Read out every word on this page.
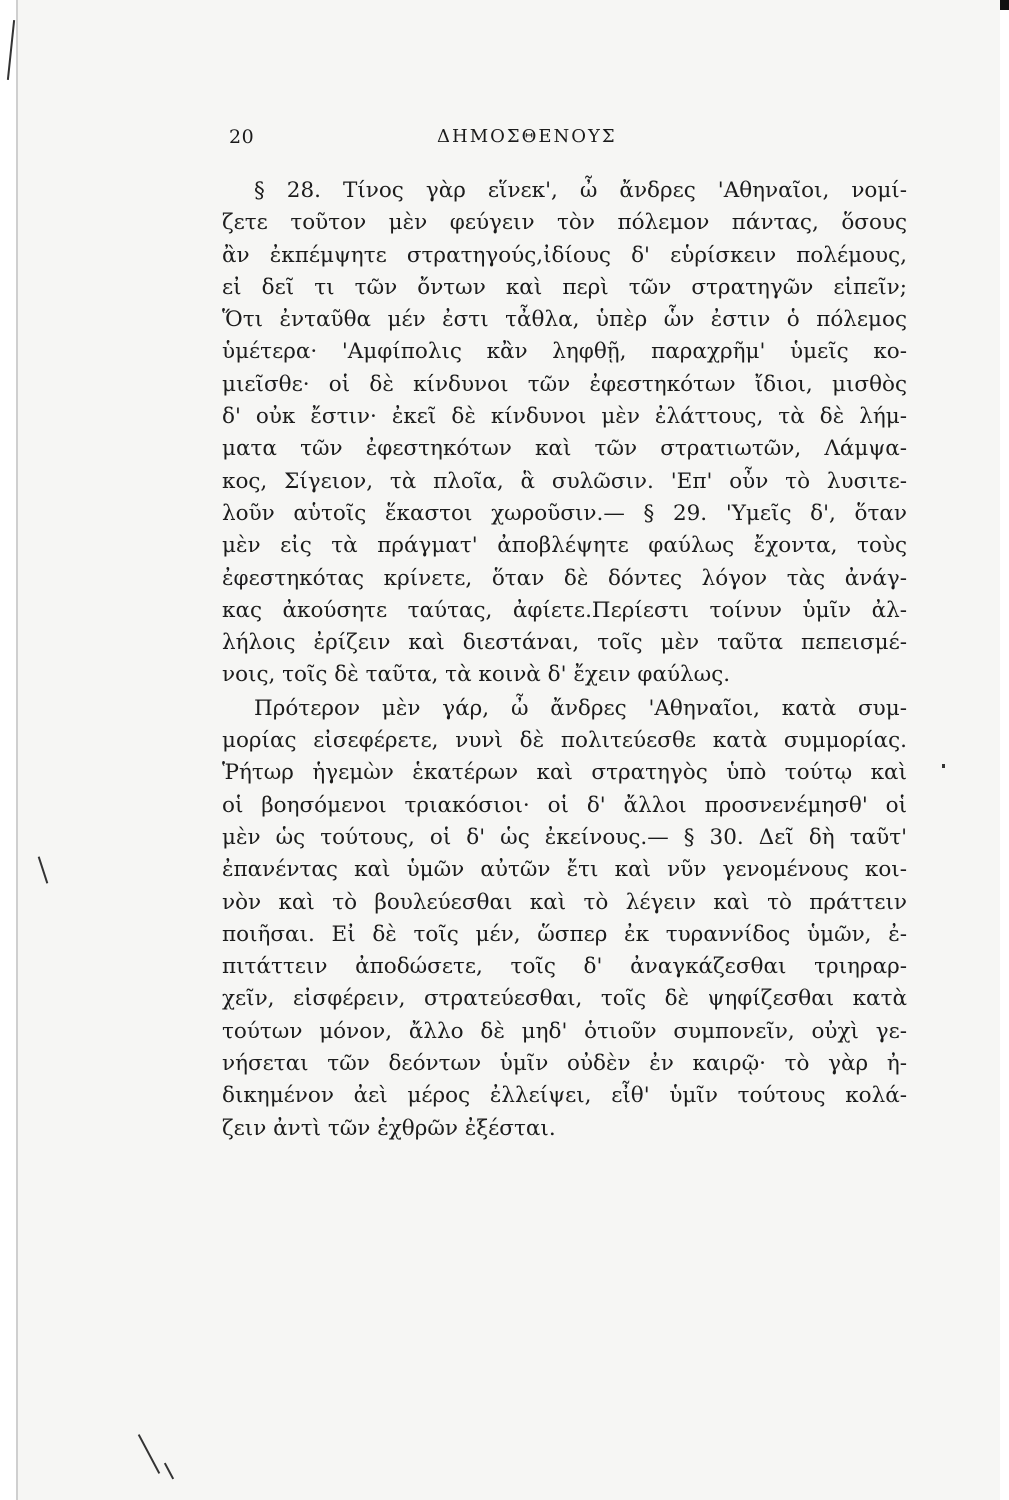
20	ΔΗΜΟΣΘΕΝΟΥΣ
§ 28. Τίνος γὰρ εἵνεκ', ὦ ἄνδρες 'Αθηναῖοι, νομί-
ζετε τοῦτον μὲν φεύγειν τὸν πόλεμον πάντας, ὅσους
ἂν ἐκπέμψητε στρατηγούς,ἰδίους δ' εὑρίσκειν πολέμους,
εἰ δεῖ τι τῶν ὄντων καὶ περὶ τῶν στρατηγῶν εἰπεῖν;
Ὅτι ἐνταῦθα μέν ἐστι τἆθλα, ὑπὲρ ὧν ἐστιν ὁ πόλεμος
ὑμέτερα· 'Αμφίπολις κἂν ληφθῇ, παραχρῆμ' ὑμεῖς κο-
μιεῖσθε· οἱ δὲ κίνδυνοι τῶν ἐφεστηκότων ἴδιοι, μισθὸς
δ' οὐκ ἔστιν· ἐκεῖ δὲ κίνδυνοι μὲν ἐλάττους, τὰ δὲ λήμ-
ματα τῶν ἐφεστηκότων καὶ τῶν στρατιωτῶν, Λάμψα-
κος, Σίγειον, τὰ πλοῖα, ἃ συλῶσιν. 'Επ' οὖν τὸ λυσιτε-
λοῦν αὑτοῖς ἕκαστοι χωροῦσιν.— § 29. 'Υμεῖς δ', ὅταν
μὲν εἰς τὰ πράγματ' ἀποβλέψητε φαύλως ἔχοντα, τοὺς
ἐφεστηκότας κρίνετε, ὅταν δὲ δόντες λόγον τὰς ἀνάγ-
κας ἀκούσητε ταύτας, ἀφίετε.Περίεστι τοίνυν ὑμῖν ἀλ-
λήλοις ἐρίζειν καὶ διεστάναι, τοῖς μὲν ταῦτα πεπεισμέ-
νοις, τοῖς δὲ ταῦτα, τὰ κοινὰ δ' ἔχειν φαύλως.
Πρότερον μὲν γάρ, ὦ ἄνδρες 'Αθηναῖοι, κατὰ συμ-
μορίας εἰσεφέρετε, νυνὶ δὲ πολιτεύεσθε κατὰ συμμορίας.
Ῥήτωρ ἡγεμὼν ἑκατέρων καὶ στρατηγὸς ὑπὸ τούτῳ καὶ
οἱ βοησόμενοι τριακόσιοι· οἱ δ' ἄλλοι προσνενέμησθ' οἱ
μὲν ὡς τούτους, οἱ δ' ὡς ἐκείνους.— § 30. Δεῖ δὴ ταῦτ'
ἐπανέντας καὶ ὑμῶν αὐτῶν ἔτι καὶ νῦν γενομένους κοι-
νὸν καὶ τὸ βουλεύεσθαι καὶ τὸ λέγειν καὶ τὸ πράττειν
ποιῆσαι. Εἰ δὲ τοῖς μέν, ὥσπερ ἐκ τυραννίδος ὑμῶν, ἐ-
πιτάττειν ἀποδώσετε, τοῖς δ' ἀναγκάζεσθαι τριηραρ-
χεῖν, εἰσφέρειν, στρατεύεσθαι, τοῖς δὲ ψηφίζεσθαι κατὰ
τούτων μόνον, ἄλλο δὲ μηδ' ὁτιοῦν συμπονεῖν, οὐχὶ γε-
νήσεται τῶν δεόντων ὑμῖν οὐδὲν ἐν καιρῷ· τὸ γὰρ ἠ-
δικημένον ἀεὶ μέρος ἐλλείψει, εἶθ' ὑμῖν τούτους κολά-
ζειν ἀντὶ τῶν ἐχθρῶν ἐξέσται.
